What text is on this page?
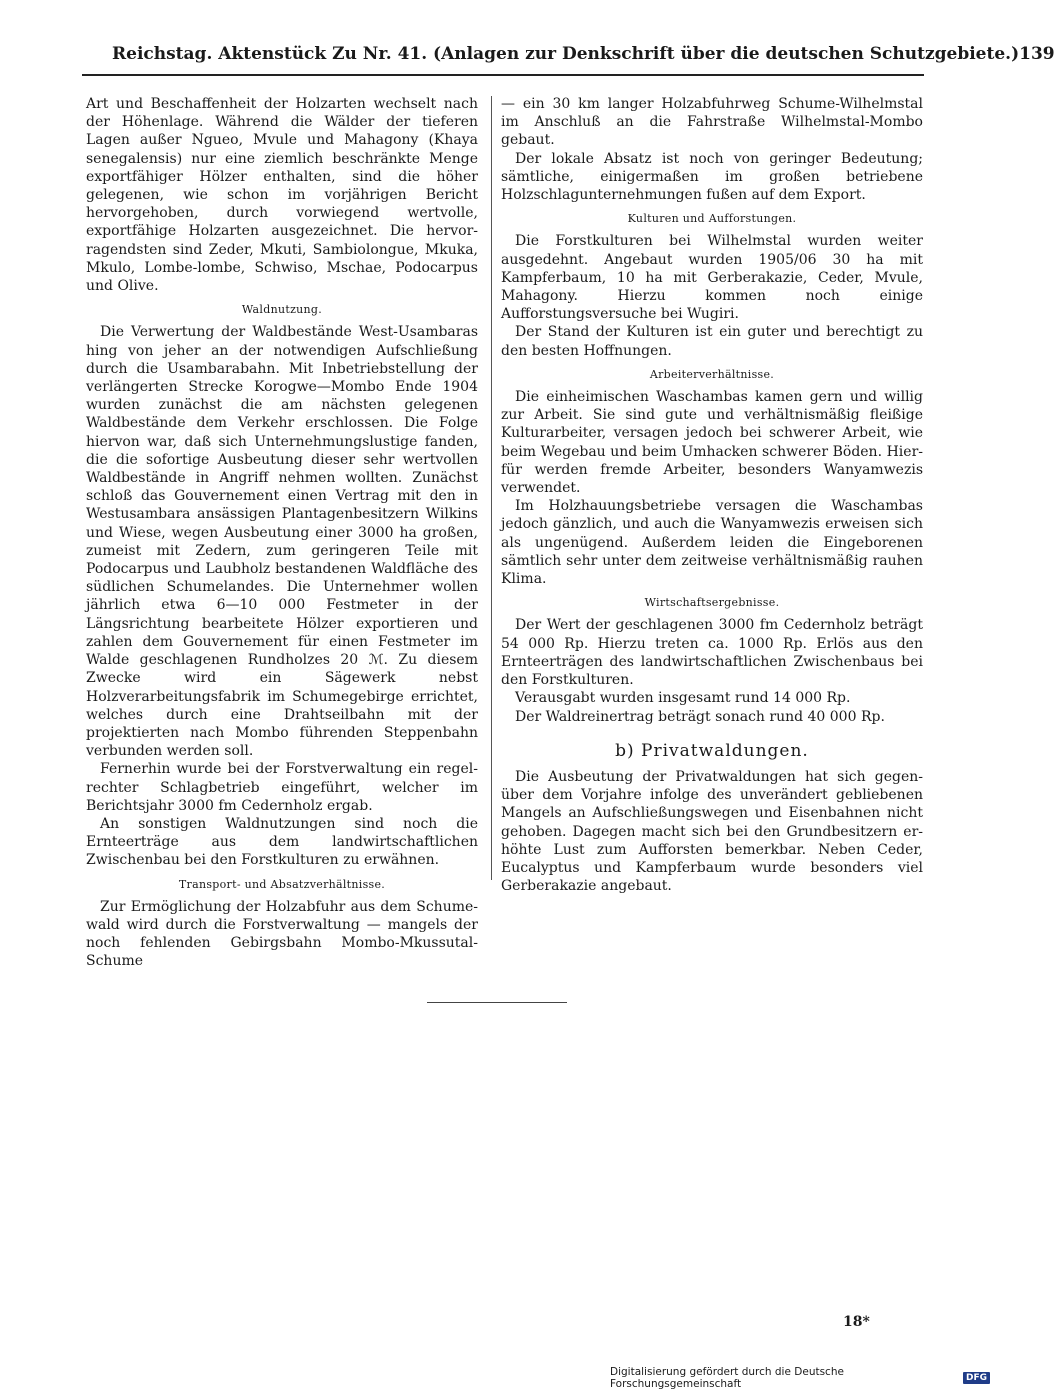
Reichstag. Aktenstück Zu Nr. 41. (Anlagen zur Denkschrift über die deutschen Schutzgebiete.) 139

Art und Beschaffenheit der Holzarten wechselt nach der Höhenlage. Während die Wälder der tieferen Lagen außer Ngueo, Mvule und Mahagony (Khaya senegalensis) nur eine ziemlich beschränkte Menge exportfähiger Hölzer enthalten, sind die höher gelegenen, wie schon im vorjährigen Bericht hervorgehoben, durch vorwiegend wertvolle, exportfähige Holzarten ausgezeichnet. Die hervorragendsten sind Zeder, Mkuti, Sambiolongue, Mkuka, Mkulo, Lombe-lombe, Schwiso, Mschae, Podocarpus und Olive.

Waldnutzung.

Die Verwertung der Waldbestände West-Usambaras hing von jeher an der notwendigen Aufschließung durch die Usambarabahn. Mit Inbetriebstellung der verlängerten Strecke Korogwe—Mombo Ende 1904 wurden zunächst die am nächsten gelegenen Waldbestände dem Verkehr erschlossen. Die Folge hiervon war, daß sich Unternehmungslustige fanden, die die sofortige Ausbeutung dieser sehr wertvollen Waldbestände in Angriff nehmen wollten. Zunächst schloß das Gouvernement einen Vertrag mit den in Westusambara ansässigen Plantagenbesitzern Wilkins und Wiese, wegen Ausbeutung einer 3000 ha großen, zumeist mit Zedern, zum geringeren Teile mit Podocarpus und Laubholz bestandenen Waldfläche des südlichen Schumelandes. Die Unternehmer wollen jährlich etwa 6—10 000 Festmeter in der Längsrichtung bearbeitete Hölzer exportieren und zahlen dem Gouvernement für einen Festmeter im Walde geschlagenen Rundholzes 20 ℳ. Zu diesem Zwecke wird ein Sägewerk nebst Holzverarbeitungsfabrik im Schumegebirge errichtet, welches durch eine Drahtseilbahn mit der projektierten nach Mombo führenden Steppenbahn verbunden werden soll.

Fernerhin wurde bei der Forstverwaltung ein regelrechter Schlagbetrieb eingeführt, welcher im Berichtsjahr 3000 fm Cedernholz ergab.

An sonstigen Waldnutzungen sind noch die Ernteerträge aus dem landwirtschaftlichen Zwischenbau bei den Forstkulturen zu erwähnen.

Transport- und Absatzverhältnisse.

Zur Ermöglichung der Holzabfuhr aus dem Schumewald wird durch die Forstverwaltung — mangels der noch fehlenden Gebirgsbahn Mombo-Mkussutal-Schume

— ein 30 km langer Holzabfuhrweg Schume-Wilhelmstal im Anschluß an die Fahrstraße Wilhelmstal-Mombo gebaut.

Der lokale Absatz ist noch von geringer Bedeutung; sämtliche, einigermaßen im großen betriebene Holzschlagunternehmungen fußen auf dem Export.

Kulturen und Aufforstungen.

Die Forstkulturen bei Wilhelmstal wurden weiter ausgedehnt. Angebaut wurden 1905/06 30 ha mit Kampferbaum, 10 ha mit Gerberakazie, Ceder, Mvule, Mahagony. Hierzu kommen noch einige Aufforstungsversuche bei Wugiri.

Der Stand der Kulturen ist ein guter und berechtigt zu den besten Hoffnungen.

Arbeiterverhältnisse.

Die einheimischen Waschambas kamen gern und willig zur Arbeit. Sie sind gute und verhältnismäßig fleißige Kulturarbeiter, versagen jedoch bei schwerer Arbeit, wie beim Wegebau und beim Umhacken schwerer Böden. Hierfür werden fremde Arbeiter, besonders Wanyamwezis verwendet.

Im Holzhauungsbetriebe versagen die Waschambas jedoch gänzlich, und auch die Wanyamwezis erweisen sich als ungenügend. Außerdem leiden die Eingeborenen sämtlich sehr unter dem zeitweise verhältnismäßig rauhen Klima.

Wirtschaftsergebnisse.

Der Wert der geschlagenen 3000 fm Cedernholz beträgt 54 000 Rp. Hierzu treten ca. 1000 Rp. Erlös aus den Ernteerträgen des landwirtschaftlichen Zwischenbaus bei den Forstkulturen.

Verausgabt wurden insgesamt rund 14 000 Rp.

Der Waldreinertrag beträgt sonach rund 40 000 Rp.

b) Privatwaldungen.

Die Ausbeutung der Privatwaldungen hat sich gegenüber dem Vorjahre infolge des unverändert gebliebenen Mangels an Aufschließungswegen und Eisenbahnen nicht gehoben. Dagegen macht sich bei den Grundbesitzern erhöhte Lust zum Aufforsten bemerkbar. Neben Ceder, Eucalyptus und Kampferbaum wurde besonders viel Gerberakazie angebaut.

18*
Digitalisierung gefördert durch die Deutsche Forschungsgemeinschaft	DFG
